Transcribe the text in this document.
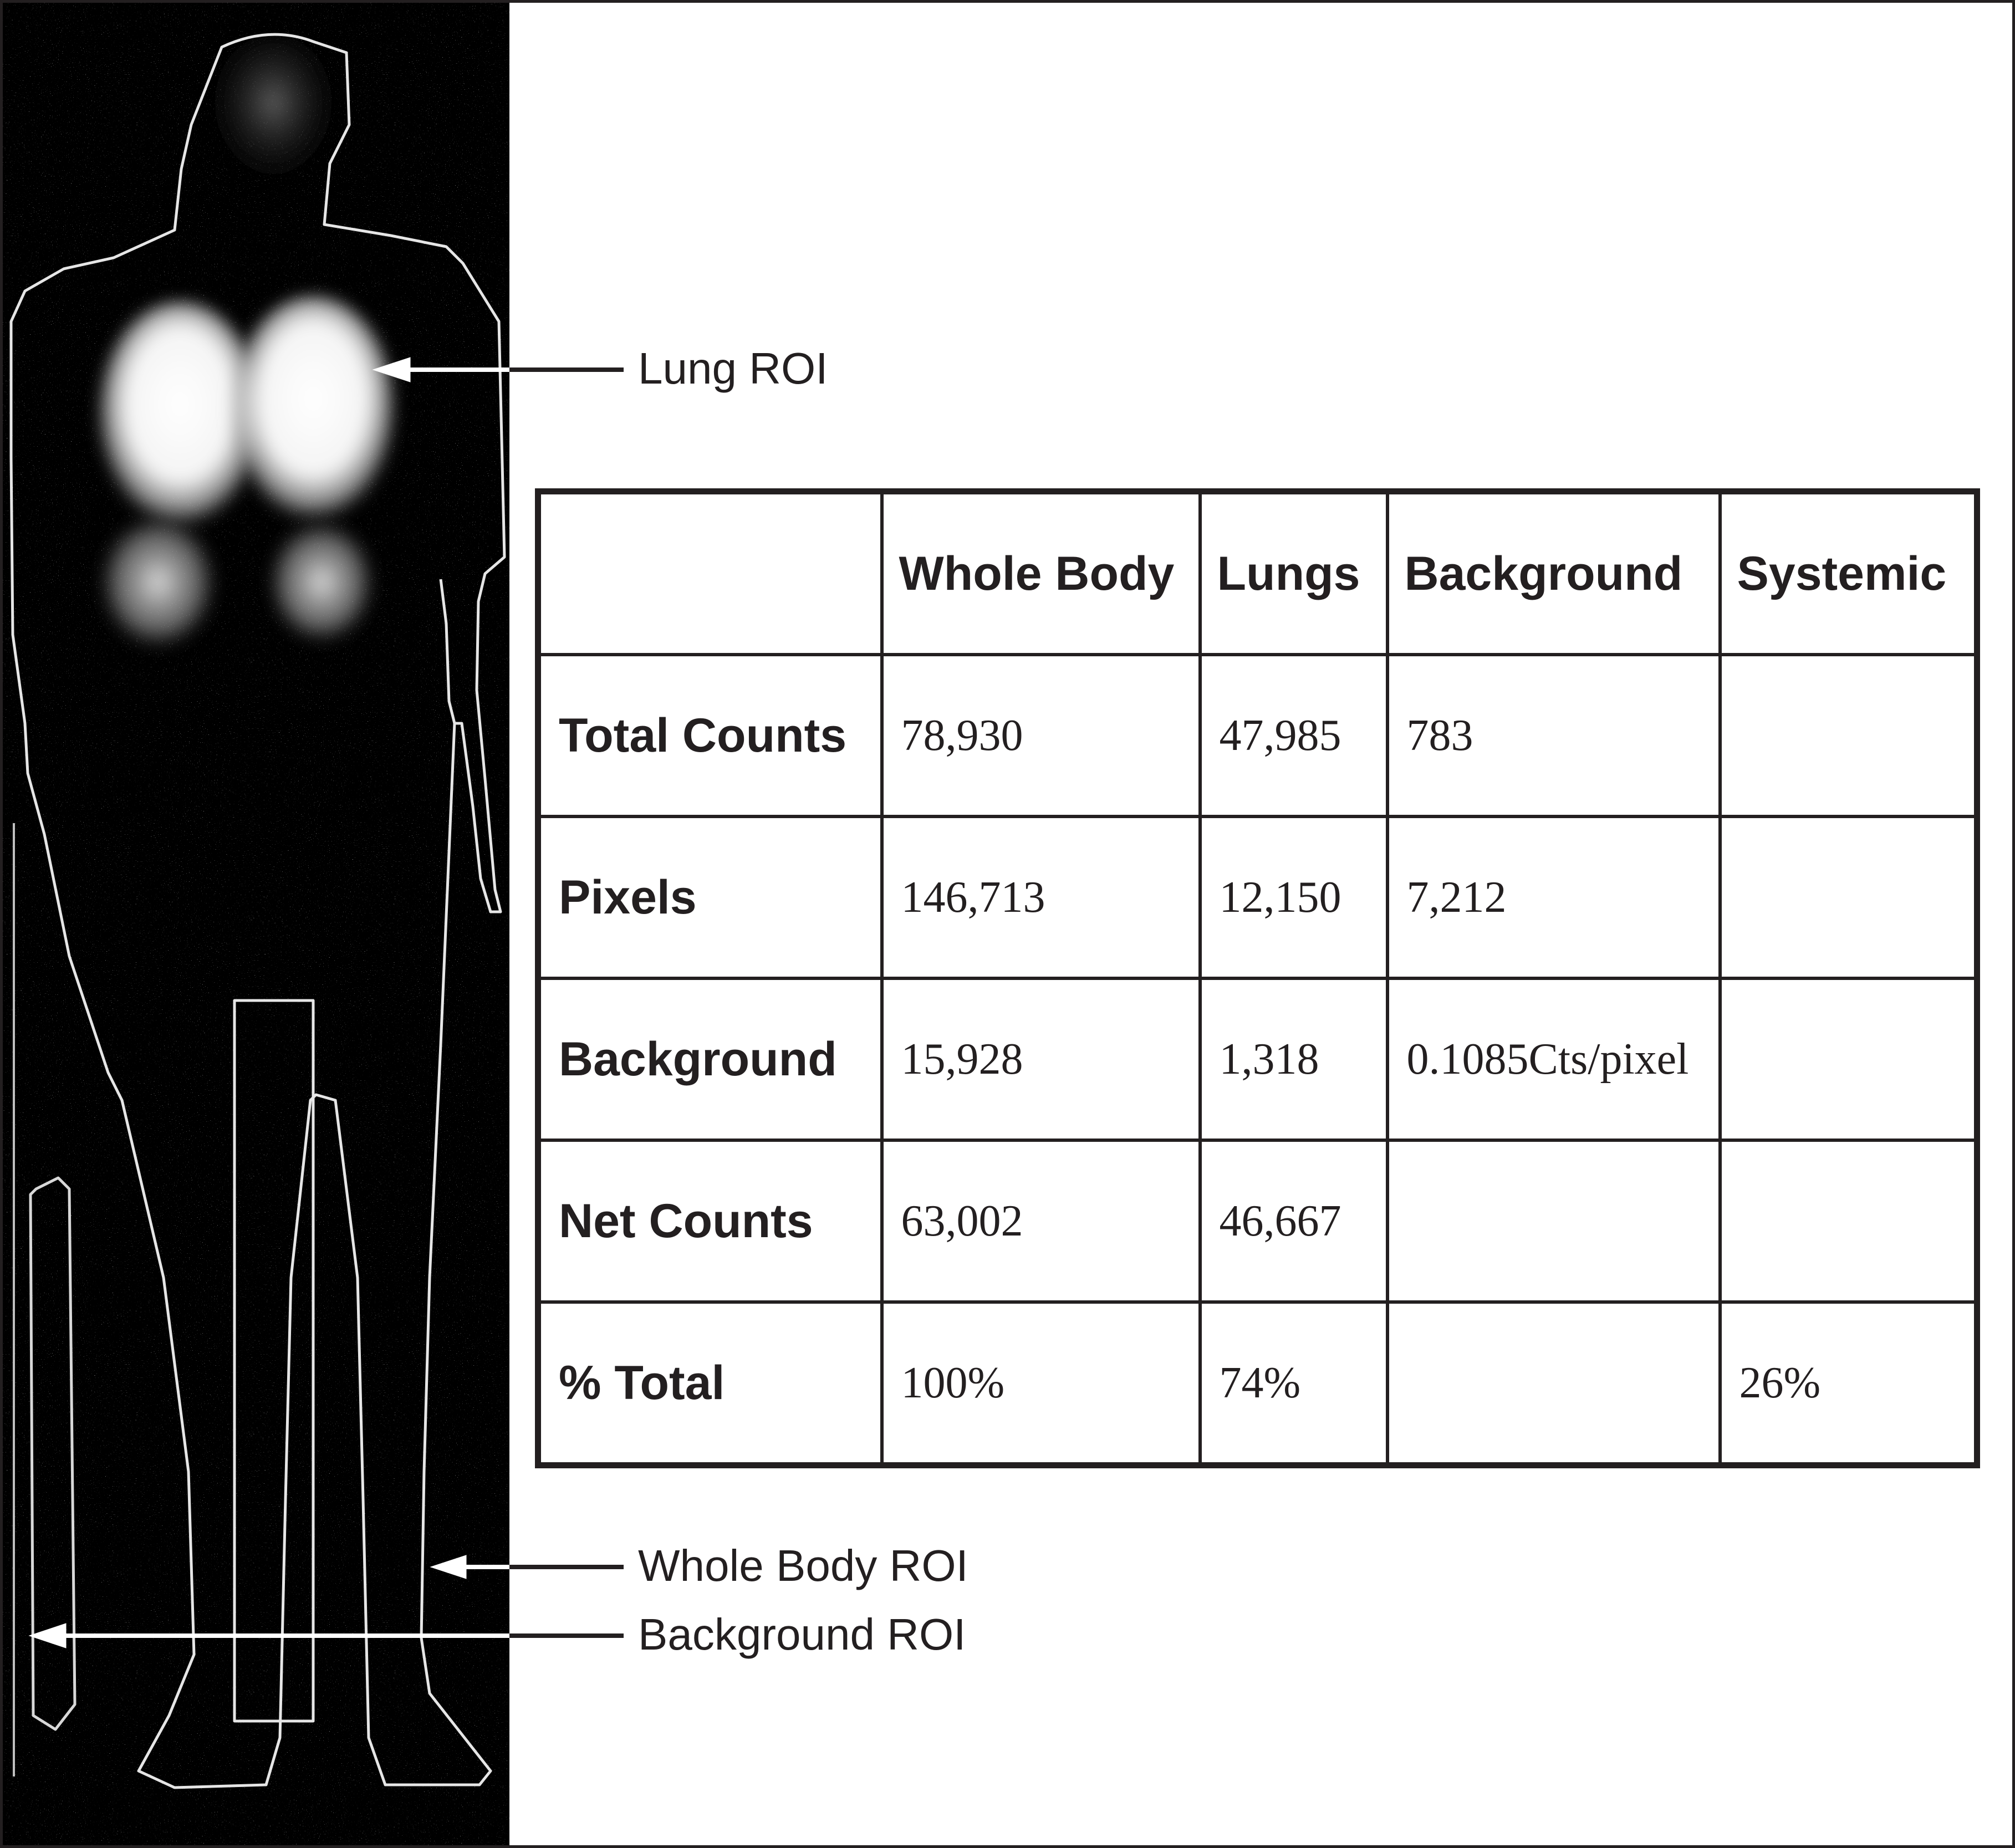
Lung ROI
Whole Body ROI
Background ROI
	Whole Body	Lungs	Background	Systemic
Total Counts	78,930	47,985	783	
Pixels	146,713	12,150	7,212	
Background	15,928	1,318	0.1085Cts/pixel	
Net Counts	63,002	46,667		
% Total	100%	74%		26%
